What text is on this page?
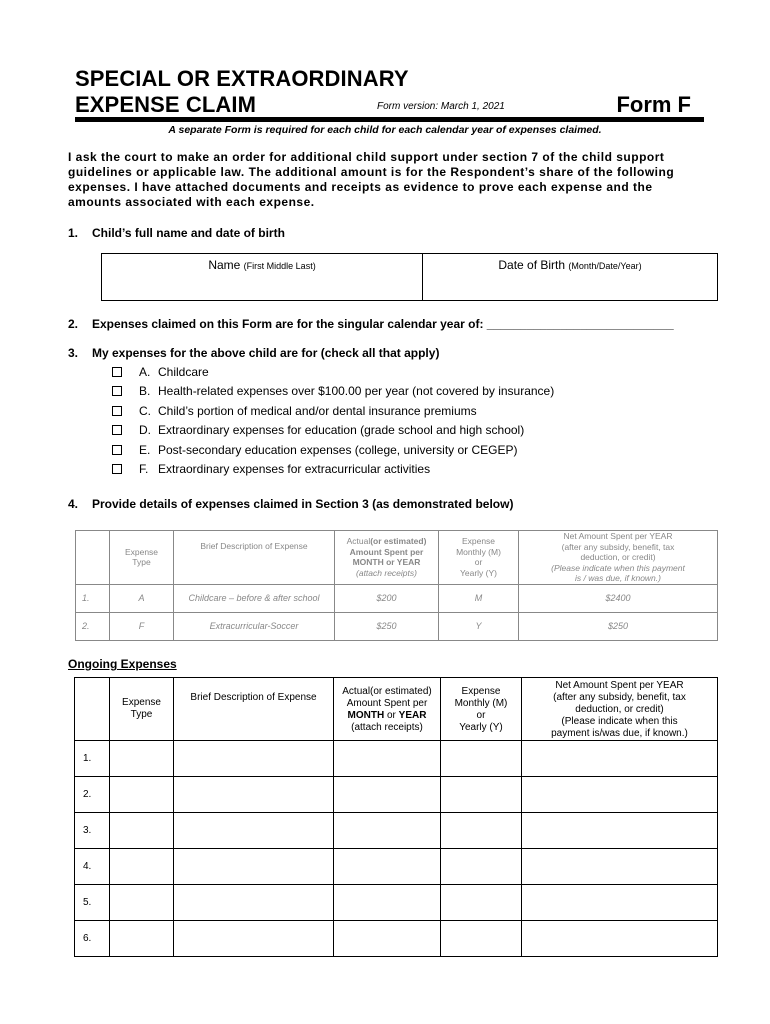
SPECIAL OR EXTRAORDINARY
EXPENSE CLAIM	Form version: March 1, 2021	Form F
A separate Form is required for each child for each calendar year of expenses claimed.
I ask the court to make an order for additional child support under section 7 of the child support guidelines or applicable law. The additional amount is for the Respondent’s share of the following expenses. I have attached documents and receipts as evidence to prove each expense and the amounts associated with each expense.
1. Child’s full name and date of birth
Name (First Middle Last)	Date of Birth (Month/Date/Year)
2. Expenses claimed on this Form are for the singular calendar year of: ____________________________
3. My expenses for the above child are for (check all that apply)
A. Childcare
B. Health-related expenses over $100.00 per year (not covered by insurance)
C. Child’s portion of medical and/or dental insurance premiums
D. Extraordinary expenses for education (grade school and high school)
E. Post-secondary education expenses (college, university or CEGEP)
F. Extraordinary expenses for extracurricular activities
4. Provide details of expenses claimed in Section 3 (as demonstrated below)
	Expense
Type	Brief Description of Expense	Actual(or estimated)
Amount Spent per
MONTH or YEAR
(attach receipts)	Expense
Monthly (M)
or
Yearly (Y)	Net Amount Spent per YEAR
(after any subsidy, benefit, tax
deduction, or credit)
(Please indicate when this payment
is / was due, if known.)
1.	A	Childcare – before & after school	$200	M	$2400
2.	F	Extracurricular-Soccer	$250	Y	$250
Ongoing Expenses
	Expense
Type	Brief Description of Expense	Actual(or estimated)
Amount Spent per
MONTH or YEAR
(attach receipts)	Expense
Monthly (M)
or
Yearly (Y)	Net Amount Spent per YEAR
(after any subsidy, benefit, tax
deduction, or credit)
(Please indicate when this
payment is/was due, if known.)
1.					
2.					
3.					
4.					
5.					
6.					
